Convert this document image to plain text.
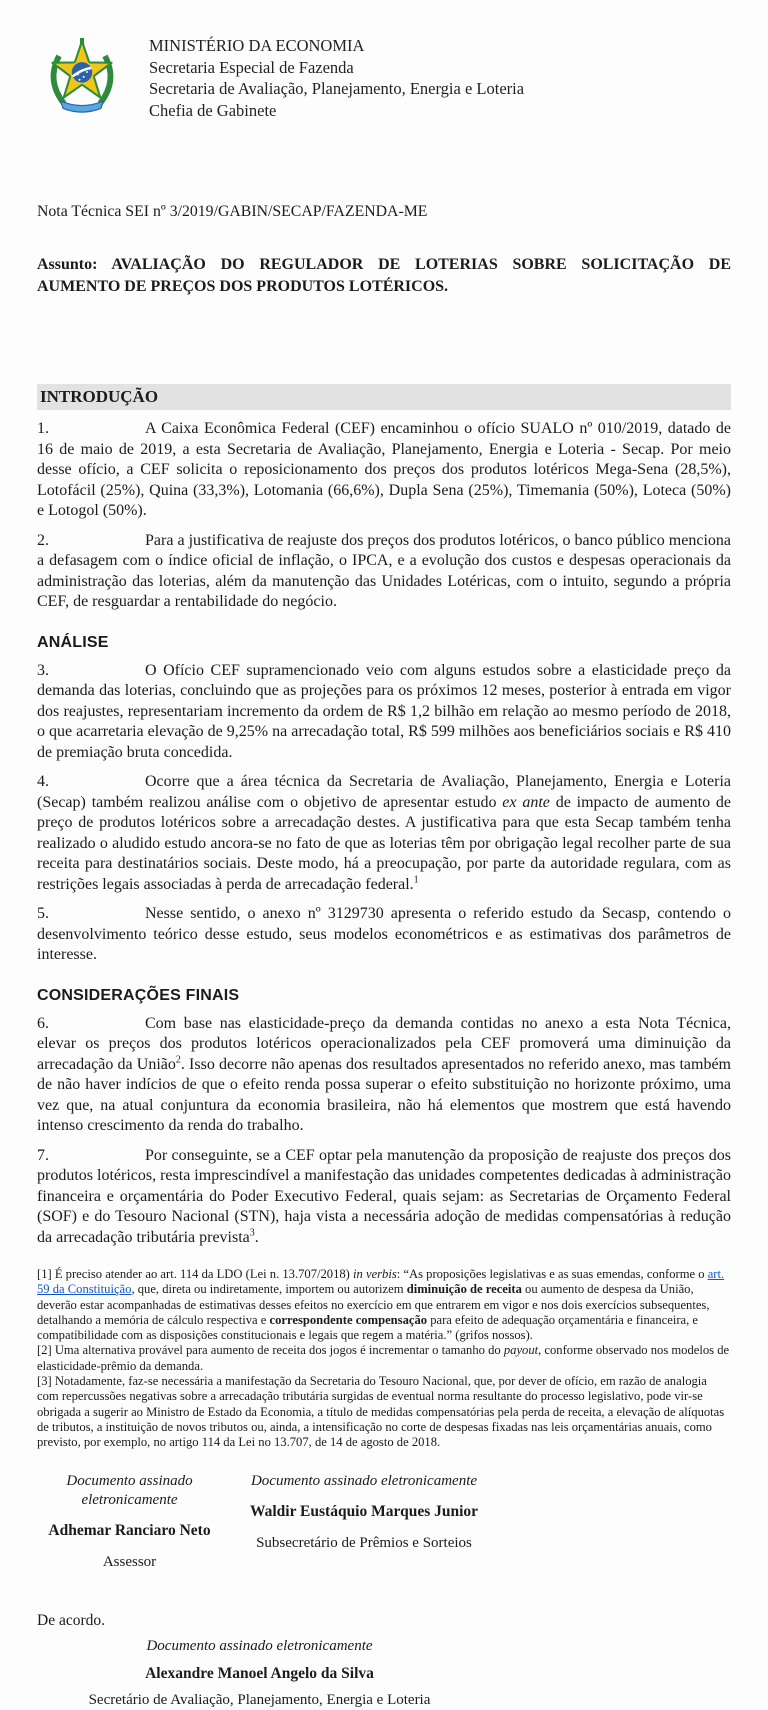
MINISTÉRIO DA ECONOMIA
Secretaria Especial de Fazenda
Secretaria de Avaliação, Planejamento, Energia e Loteria
Chefia de Gabinete
Nota Técnica SEI nº 3/2019/GABIN/SECAP/FAZENDA-ME
Assunto: AVALIAÇÃO DO REGULADOR DE LOTERIAS SOBRE SOLICITAÇÃO DE AUMENTO DE PREÇOS DOS PRODUTOS LOTÉRICOS.
INTRODUÇÃO

1.	A Caixa Econômica Federal (CEF) encaminhou o ofício SUALO nº 010/2019, datado de 16 de maio de 2019, a esta Secretaria de Avaliação, Planejamento, Energia e Loteria - Secap. Por meio desse ofício, a CEF solicita o reposicionamento dos preços dos produtos lotéricos Mega-Sena (28,5%), Lotofácil (25%), Quina (33,3%), Lotomania (66,6%), Dupla Sena (25%), Timemania (50%), Loteca (50%) e Lotogol (50%).

2.	Para a justificativa de reajuste dos preços dos produtos lotéricos, o banco público menciona a defasagem com o índice oficial de inflação, o IPCA, e a evolução dos custos e despesas operacionais da administração das loterias, além da manutenção das Unidades Lotéricas, com o intuito, segundo a própria CEF, de resguardar a rentabilidade do negócio.

ANÁLISE

3.	O Ofício CEF supramencionado veio com alguns estudos sobre a elasticidade preço da demanda das loterias, concluindo que as projeções para os próximos 12 meses, posterior à entrada em vigor dos reajustes, representariam incremento da ordem de R$ 1,2 bilhão em relação ao mesmo período de 2018, o que acarretaria elevação de 9,25% na arrecadação total, R$ 599 milhões aos beneficiários sociais e R$ 410 de premiação bruta concedida.

4.	Ocorre que a área técnica da Secretaria de Avaliação, Planejamento, Energia e Loteria (Secap) também realizou análise com o objetivo de apresentar estudo ex ante de impacto de aumento de preço de produtos lotéricos sobre a arrecadação destes. A justificativa para que esta Secap também tenha realizado o aludido estudo ancora-se no fato de que as loterias têm por obrigação legal recolher parte de sua receita para destinatários sociais. Deste modo, há a preocupação, por parte da autoridade regulara, com as restrições legais associadas à perda de arrecadação federal.$^1$

5.	Nesse sentido, o anexo nº 3129730 apresenta o referido estudo da Secasp, contendo o desenvolvimento teórico desse estudo, seus modelos econométricos e as estimativas dos parâmetros de interesse.

CONSIDERAÇÕES FINAIS

6.	Com base nas elasticidade-preço da demanda contidas no anexo a esta Nota Técnica, elevar os preços dos produtos lotéricos operacionalizados pela CEF promoverá uma diminuição da arrecadação da União$^2$. Isso decorre não apenas dos resultados apresentados no referido anexo, mas também de não haver indícios de que o efeito renda possa superar o efeito substituição no horizonte próximo, uma vez que, na atual conjuntura da economia brasileira, não há elementos que mostrem que está havendo intenso crescimento da renda do trabalho.

7.	Por conseguinte, se a CEF optar pela manutenção da proposição de reajuste dos preços dos produtos lotéricos, resta imprescindível a manifestação das unidades competentes dedicadas à administração financeira e orçamentária do Poder Executivo Federal, quais sejam: as Secretarias de Orçamento Federal (SOF) e do Tesouro Nacional (STN), haja vista a necessária adoção de medidas compensatórias à redução da arrecadação tributária prevista$^3$.

[1] É preciso atender ao art. 114 da LDO (Lei n. 13.707/2018) in verbis: “As proposições legislativas e as suas emendas, conforme o art. 59 da Constituição, que, direta ou indiretamente, importem ou autorizem diminuição de receita ou aumento de despesa da União, deverão estar acompanhadas de estimativas desses efeitos no exercício em que entrarem em vigor e nos dois exercícios subsequentes, detalhando a memória de cálculo respectiva e correspondente compensação para efeito de adequação orçamentária e financeira, e compatibilidade com as disposições constitucionais e legais que regem a matéria.” (grifos nossos).

[2] Uma alternativa provável para aumento de receita dos jogos é incrementar o tamanho do payout, conforme observado nos modelos de elasticidade-prêmio da demanda.

[3] Notadamente, faz-se necessária a manifestação da Secretaria do Tesouro Nacional, que, por dever de ofício, em razão de analogia com repercussões negativas sobre a arrecadação tributária surgidas de eventual norma resultante do processo legislativo, pode vir-se obrigada a sugerir ao Ministro de Estado da Economia, a título de medidas compensatórias pela perda de receita, a elevação de alíquotas de tributos, a instituição de novos tributos ou, ainda, a intensificação no corte de despesas fixadas nas leis orçamentárias anuais, como previsto, por exemplo, no artigo 114 da Lei no 13.707, de 14 de agosto de 2018.

Documento assinado eletronicamente
Adhemar Ranciaro Neto
Assessor
Documento assinado eletronicamente
Waldir Eustáquio Marques Junior
Subsecretário de Prêmios e Sorteios
De acordo.
Documento assinado eletronicamente
Alexandre Manoel Angelo da Silva
Secretário de Avaliação, Planejamento, Energia e Loteria
